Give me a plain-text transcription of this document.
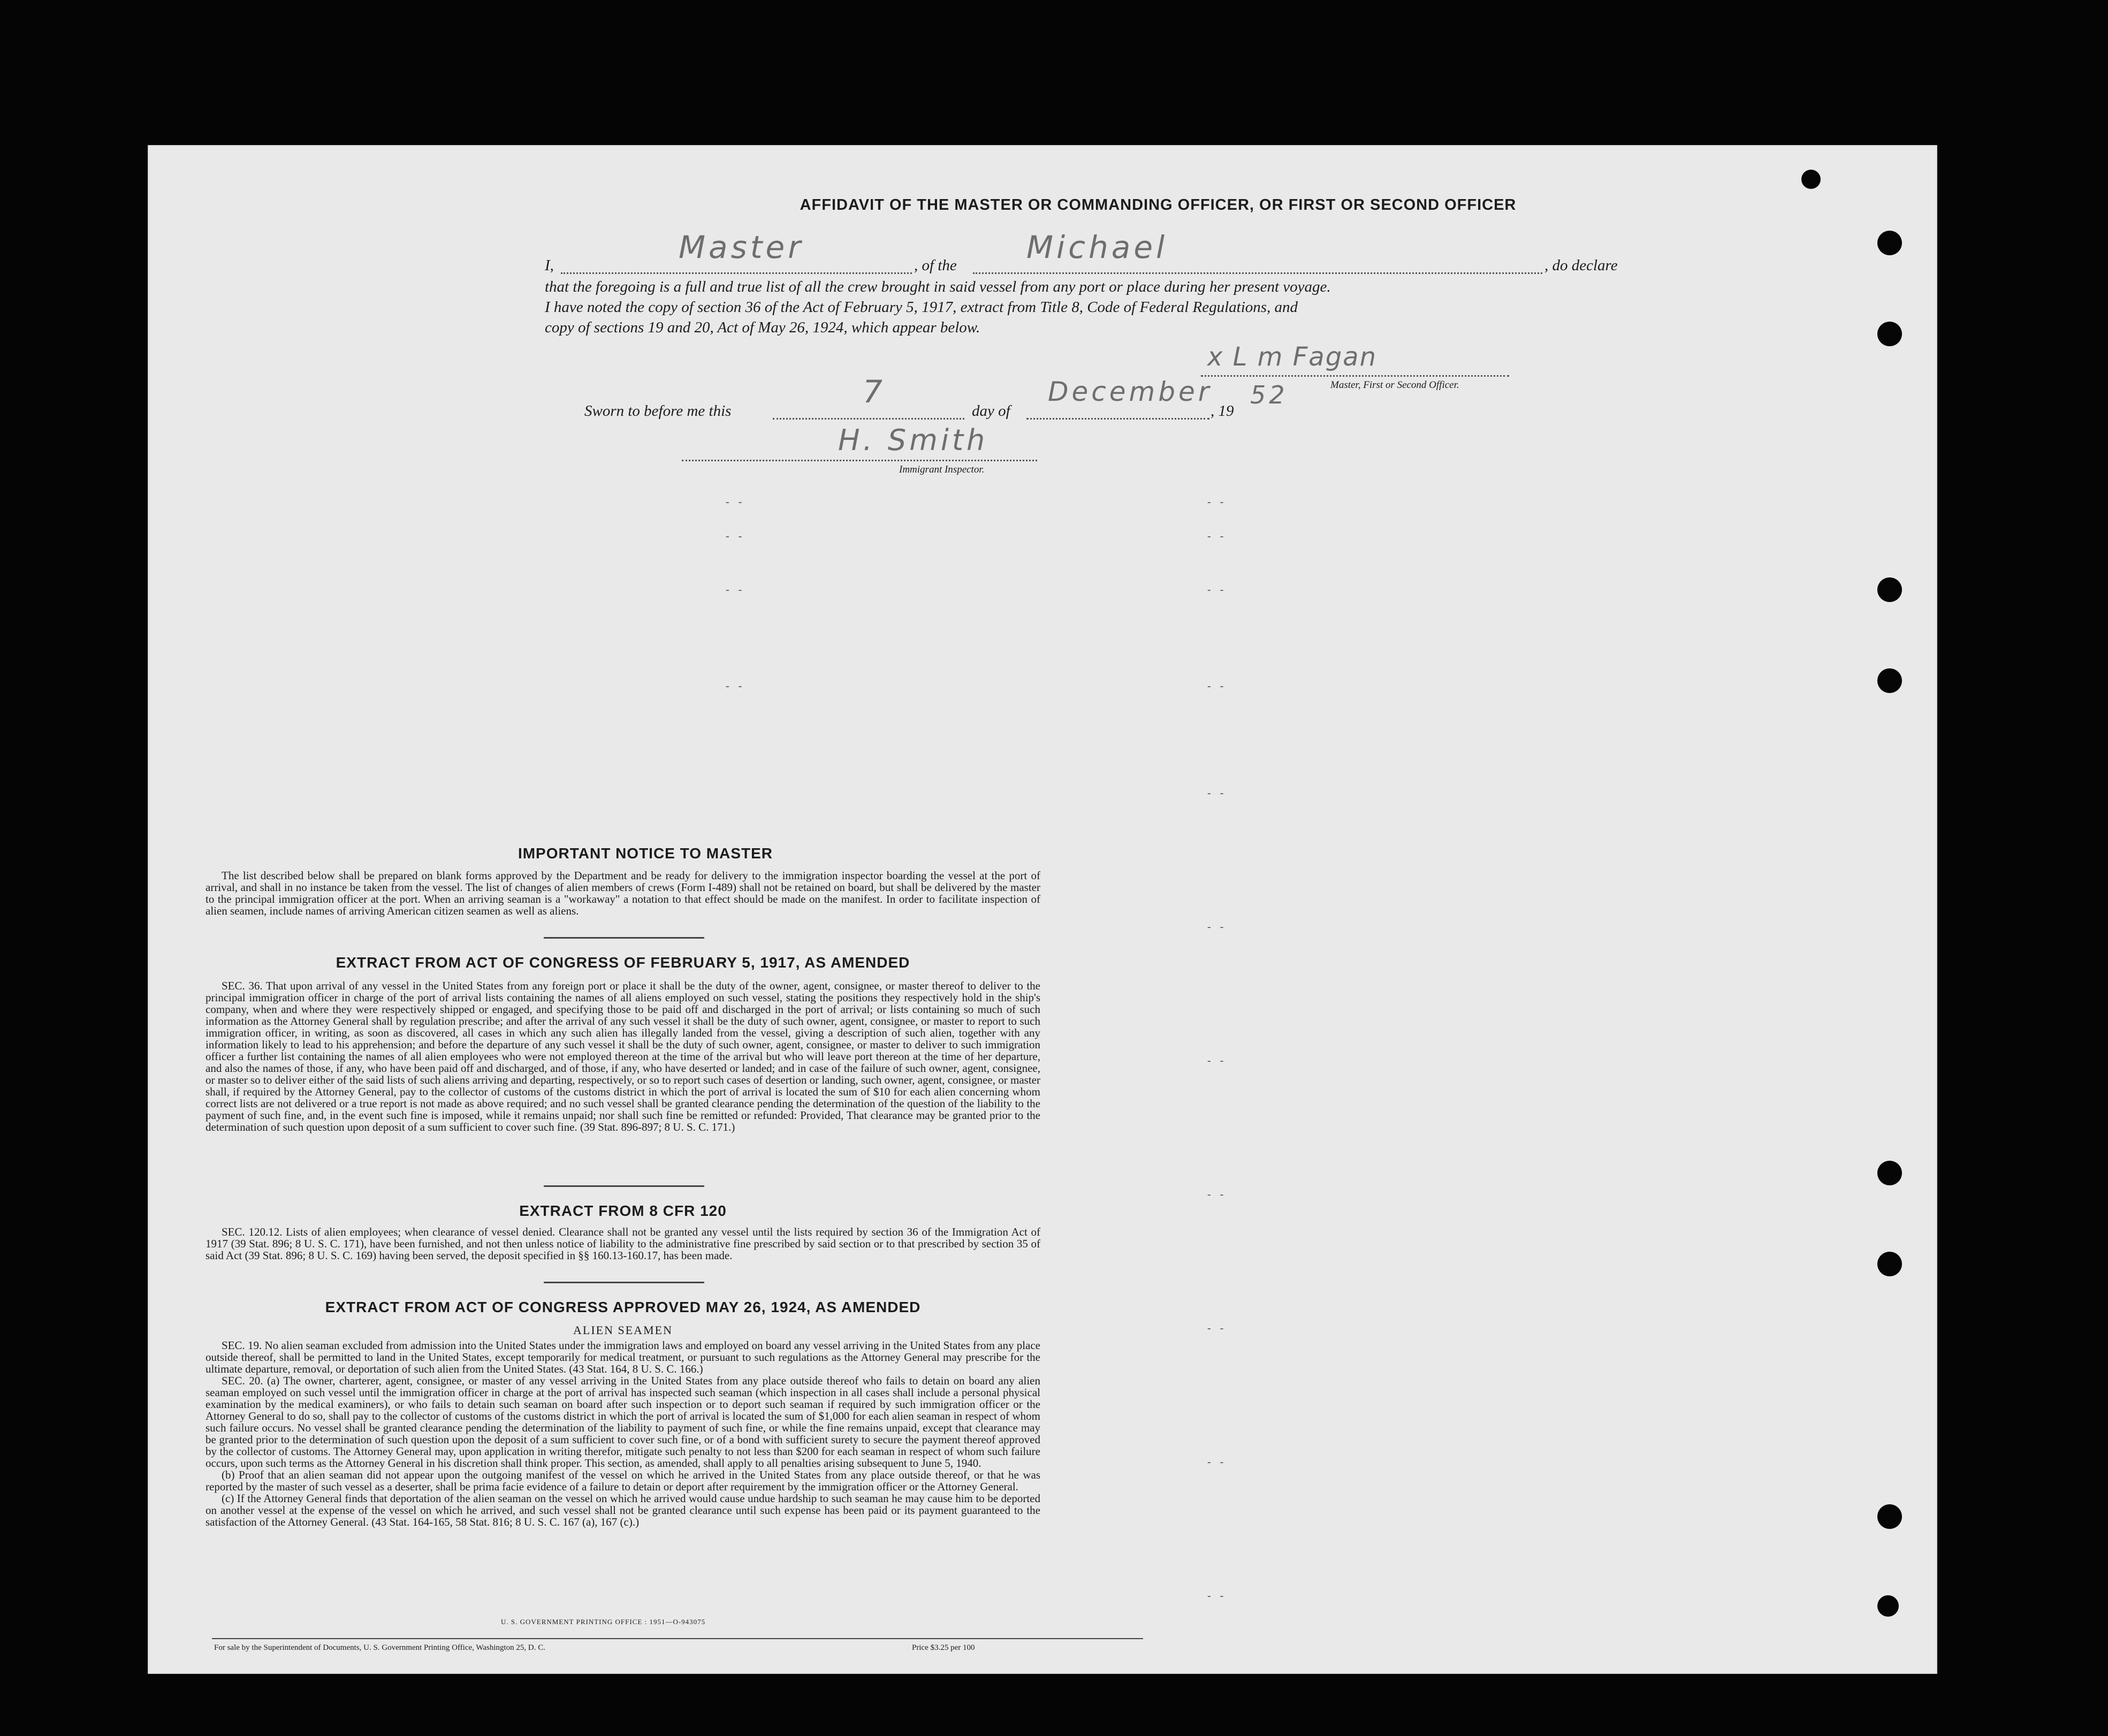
AFFIDAVIT OF THE MASTER OR COMMANDING OFFICER, OR FIRST OR SECOND OFFICER
I,	Master	, of the Michael	, do declare
that the foregoing is a full and true list of all the crew brought in said vessel from any port or place during her present voyage.
I have noted the copy of section 36 of the Act of February 5, 1917, extract from Title 8, Code of Federal Regulations, and
copy of sections 19 and 20, Act of May 26, 1924, which appear below.
x L m Fagan
Master, First or Second Officer.
Sworn to before me this
7
day of
December
, 19
52
H. Smith
Immigrant Inspector.
- -	- -
- -	- -
- -	- -
- -	- -
- -
- -
- -
- -
- -
- -
- -
IMPORTANT NOTICE TO MASTER

The list described below shall be prepared on blank forms approved by the Department and be ready for delivery to the immigration inspector boarding the vessel at the port of arrival, and shall in no instance be taken from the vessel. The list of changes of alien members of crews (Form I-489) shall not be retained on board, but shall be delivered by the master to the principal immigration officer at the port. When an arriving seaman is a "workaway" a notation to that effect should be made on the manifest. In order to facilitate inspection of alien seamen, include names of arriving American citizen seamen as well as aliens.

EXTRACT FROM ACT OF CONGRESS OF FEBRUARY 5, 1917, AS AMENDED

SEC. 36. That upon arrival of any vessel in the United States from any foreign port or place it shall be the duty of the owner, agent, consignee, or master thereof to deliver to the principal immigration officer in charge of the port of arrival lists containing the names of all aliens employed on such vessel, stating the positions they respectively hold in the ship's company, when and where they were respectively shipped or engaged, and specifying those to be paid off and discharged in the port of arrival; or lists containing so much of such information as the Attorney General shall by regulation prescribe; and after the arrival of any such vessel it shall be the duty of such owner, agent, consignee, or master to report to such immigration officer, in writing, as soon as discovered, all cases in which any such alien has illegally landed from the vessel, giving a description of such alien, together with any information likely to lead to his apprehension; and before the departure of any such vessel it shall be the duty of such owner, agent, consignee, or master to deliver to such immigration officer a further list containing the names of all alien employees who were not employed thereon at the time of the arrival but who will leave port thereon at the time of her departure, and also the names of those, if any, who have been paid off and discharged, and of those, if any, who have deserted or landed; and in case of the failure of such owner, agent, consignee, or master so to deliver either of the said lists of such aliens arriving and departing, respectively, or so to report such cases of desertion or landing, such owner, agent, consignee, or master shall, if required by the Attorney General, pay to the collector of customs of the customs district in which the port of arrival is located the sum of $10 for each alien concerning whom correct lists are not delivered or a true report is not made as above required; and no such vessel shall be granted clearance pending the determination of the question of the liability to the payment of such fine, and, in the event such fine is imposed, while it remains unpaid; nor shall such fine be remitted or refunded: Provided, That clearance may be granted prior to the determination of such question upon deposit of a sum sufficient to cover such fine. (39 Stat. 896-897; 8 U. S. C. 171.)

EXTRACT FROM 8 CFR 120

SEC. 120.12. Lists of alien employees; when clearance of vessel denied. Clearance shall not be granted any vessel until the lists required by section 36 of the Immigration Act of 1917 (39 Stat. 896; 8 U. S. C. 171), have been furnished, and not then unless notice of liability to the administrative fine prescribed by said section or to that prescribed by section 35 of said Act (39 Stat. 896; 8 U. S. C. 169) having been served, the deposit specified in §§ 160.13-160.17, has been made.

EXTRACT FROM ACT OF CONGRESS APPROVED MAY 26, 1924, AS AMENDED
ALIEN SEAMEN

SEC. 19. No alien seaman excluded from admission into the United States under the immigration laws and employed on board any vessel arriving in the United States from any place outside thereof, shall be permitted to land in the United States, except temporarily for medical treatment, or pursuant to such regulations as the Attorney General may prescribe for the ultimate departure, removal, or deportation of such alien from the United States. (43 Stat. 164, 8 U. S. C. 166.)

SEC. 20. (a) The owner, charterer, agent, consignee, or master of any vessel arriving in the United States from any place outside thereof who fails to detain on board any alien seaman employed on such vessel until the immigration officer in charge at the port of arrival has inspected such seaman (which inspection in all cases shall include a personal physical examination by the medical examiners), or who fails to detain such seaman on board after such inspection or to deport such seaman if required by such immigration officer or the Attorney General to do so, shall pay to the collector of customs of the customs district in which the port of arrival is located the sum of $1,000 for each alien seaman in respect of whom such failure occurs. No vessel shall be granted clearance pending the determination of the liability to payment of such fine, or while the fine remains unpaid, except that clearance may be granted prior to the determination of such question upon the deposit of a sum sufficient to cover such fine, or of a bond with sufficient surety to secure the payment thereof approved by the collector of customs. The Attorney General may, upon application in writing therefor, mitigate such penalty to not less than $200 for each seaman in respect of whom such failure occurs, upon such terms as the Attorney General in his discretion shall think proper. This section, as amended, shall apply to all penalties arising subsequent to June 5, 1940.

(b) Proof that an alien seaman did not appear upon the outgoing manifest of the vessel on which he arrived in the United States from any place outside thereof, or that he was reported by the master of such vessel as a deserter, shall be prima facie evidence of a failure to detain or deport after requirement by the immigration officer or the Attorney General.

(c) If the Attorney General finds that deportation of the alien seaman on the vessel on which he arrived would cause undue hardship to such seaman he may cause him to be deported on another vessel at the expense of the vessel on which he arrived, and such vessel shall not be granted clearance until such expense has been paid or its payment guaranteed to the satisfaction of the Attorney General. (43 Stat. 164-165, 58 Stat. 816; 8 U. S. C. 167 (a), 167 (c).)

U. S. GOVERNMENT PRINTING OFFICE : 1951—O-943075
For sale by the Superintendent of Documents, U. S. Government Printing Office, Washington 25, D. C.	Price $3.25 per 100
